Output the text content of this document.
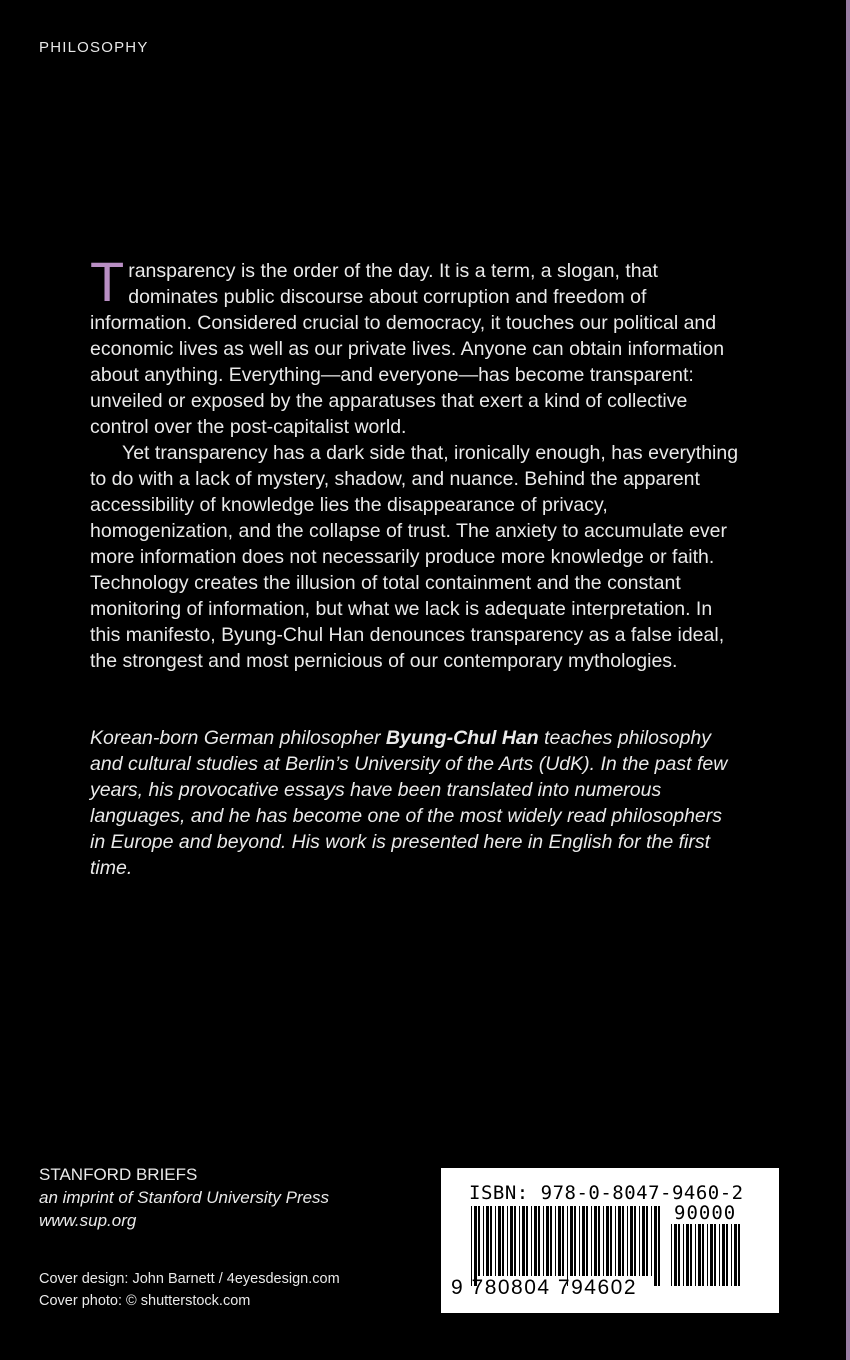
PHILOSOPHY

Transparency is the order of the day. It is a term, a slogan, that dominates public discourse about corruption and freedom of information. Considered crucial to democracy, it touches our political and economic lives as well as our private lives. Anyone can obtain information about anything. Everything—and everyone—has become transparent: unveiled or exposed by the apparatuses that exert a kind of collective control over the post-capitalist world.

Yet transparency has a dark side that, ironically enough, has everything to do with a lack of mystery, shadow, and nuance. Behind the apparent accessibility of knowledge lies the disappearance of privacy, homogenization, and the collapse of trust. The anxiety to accumulate ever more information does not necessarily produce more knowledge or faith. Technology creates the illusion of total containment and the constant monitoring of information, but what we lack is adequate interpretation. In this manifesto, Byung-Chul Han denounces transparency as a false ideal, the strongest and most pernicious of our contemporary mythologies.

Korean-born German philosopher Byung-Chul Han teaches philosophy and cultural studies at Berlin’s University of the Arts (UdK). In the past few years, his provocative essays have been translated into numerous languages, and he has become one of the most widely read philosophers in Europe and beyond. His work is presented here in English for the first time.
STANFORD BRIEFS
an imprint of Stanford University Press
www.sup.org
Cover design: John Barnett / 4eyesdesign.com
Cover photo: © shutterstock.com
ISBN: 978-0-8047-9460-2
90000
9 780804 794602
